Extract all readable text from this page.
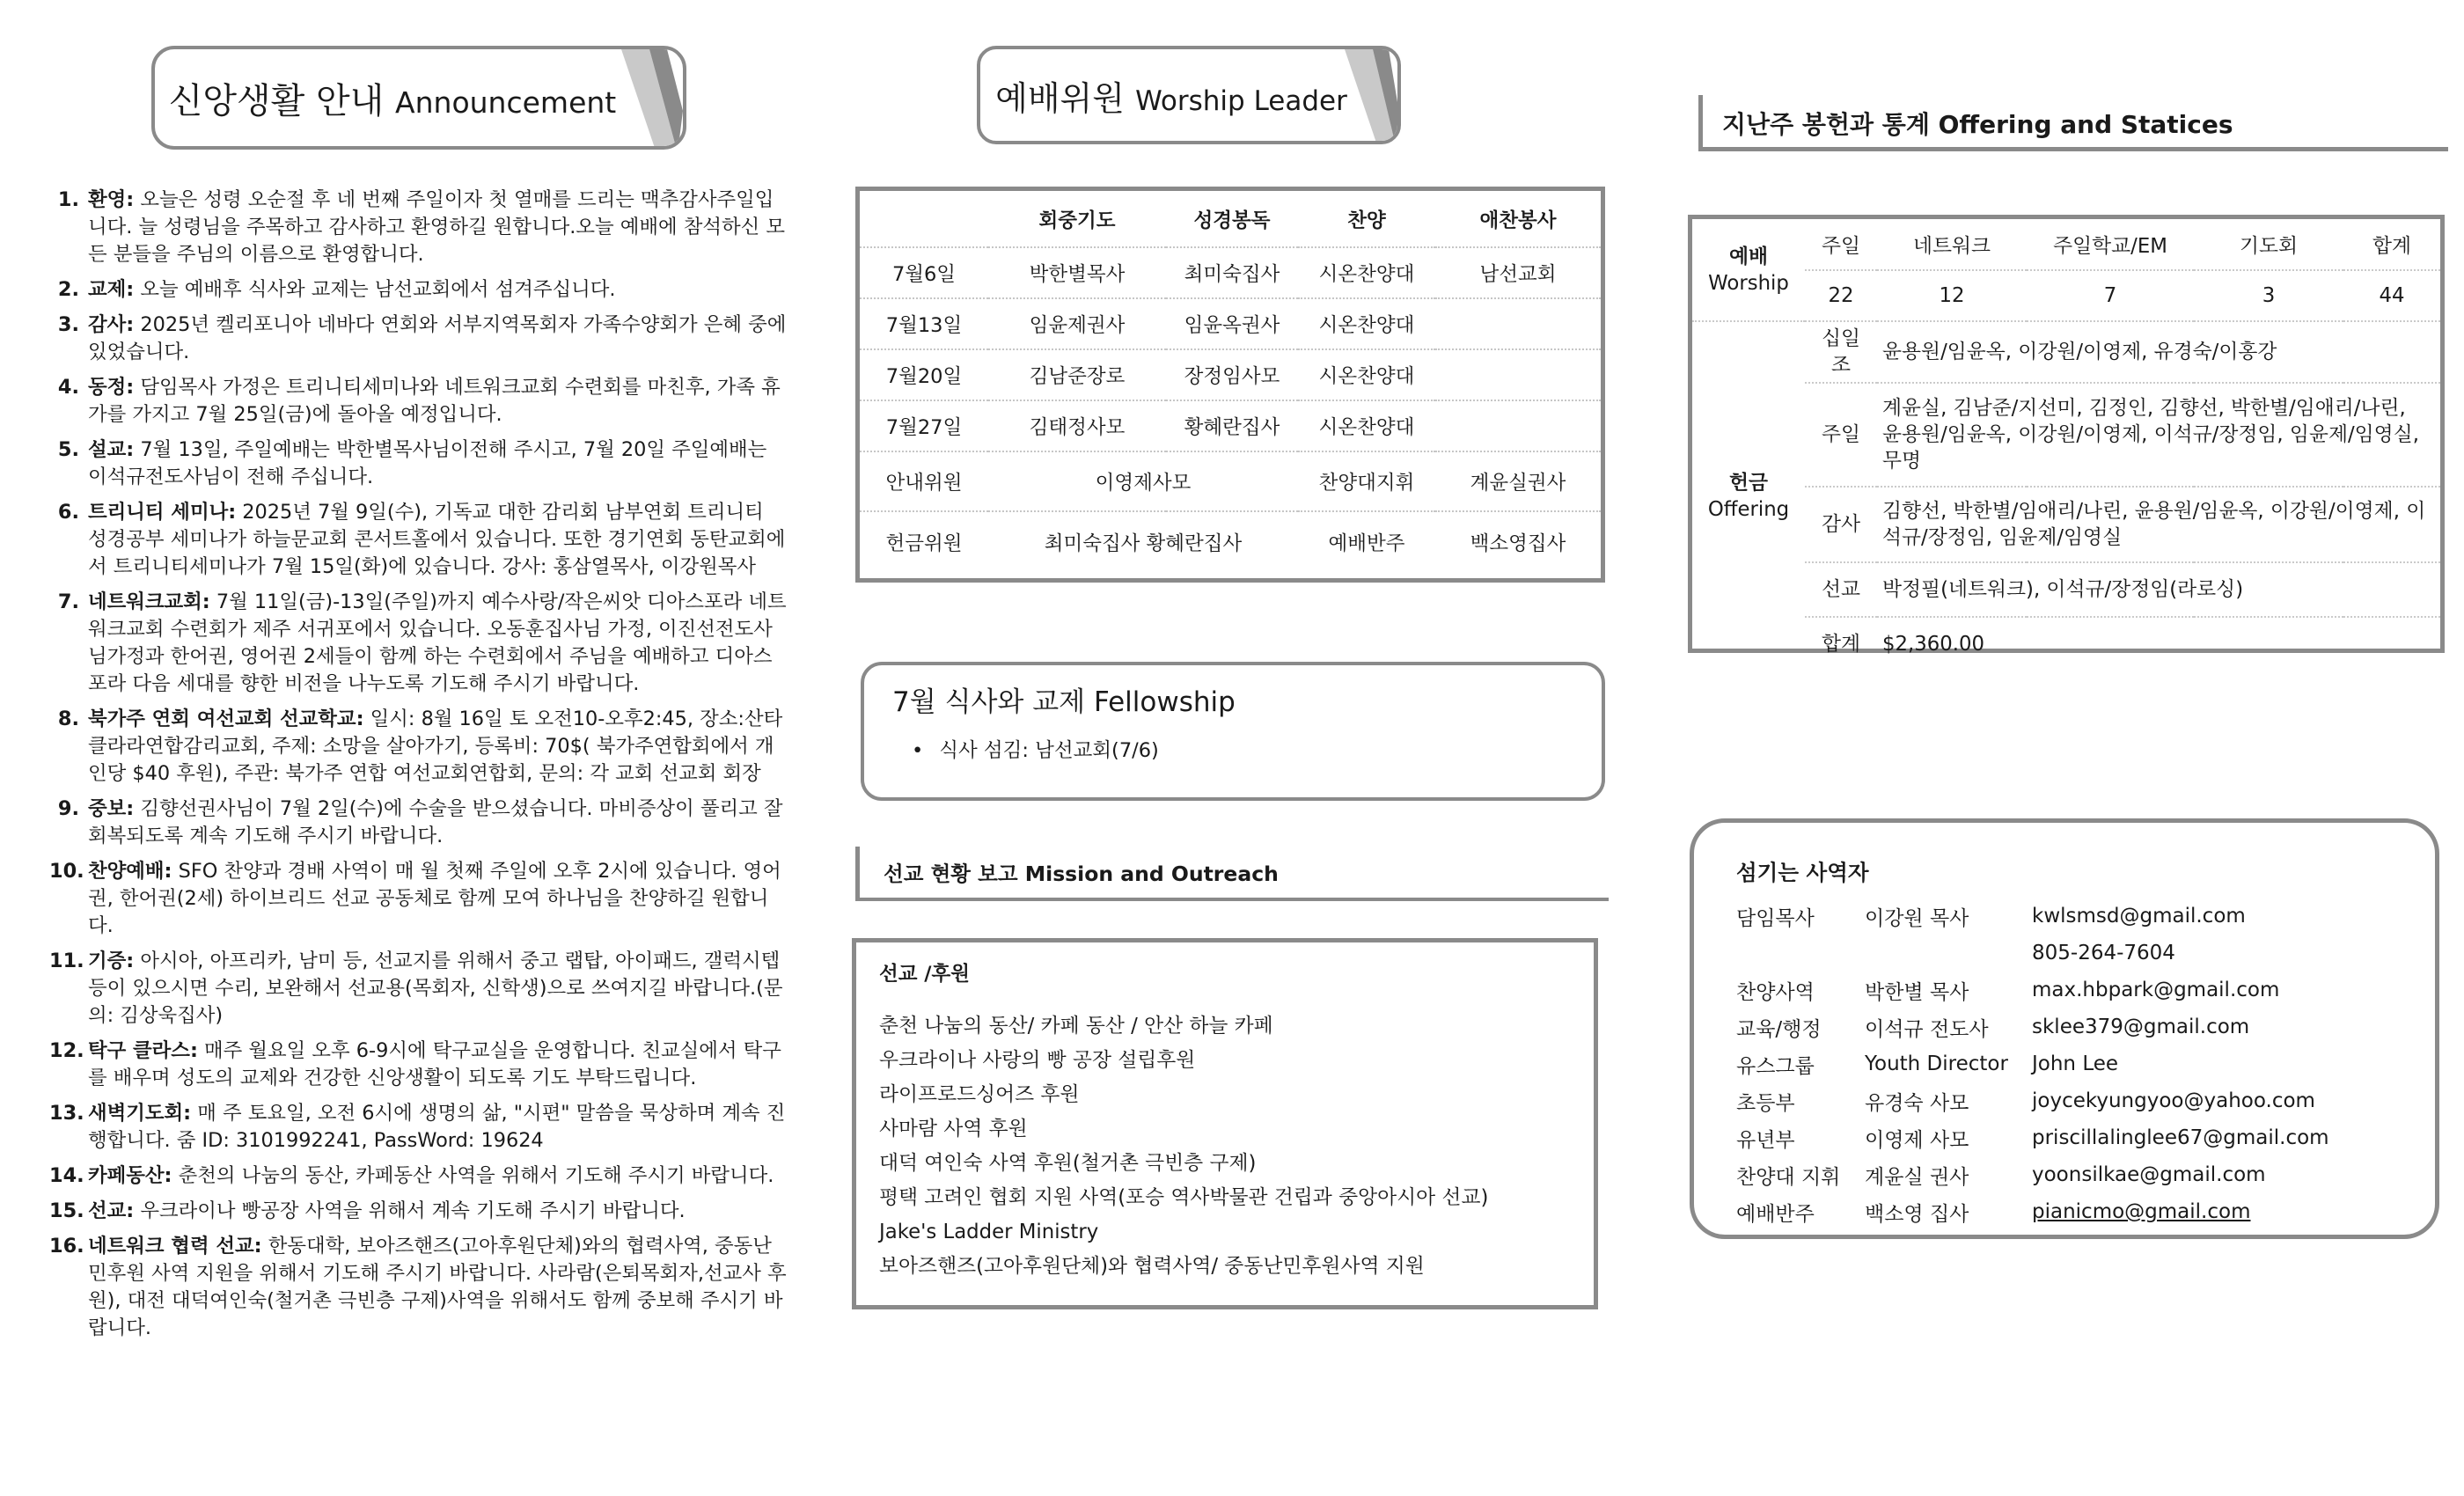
신앙생활 안내 Announcement
1. 환영: 오늘은 성령 오순절 후 네 번째 주일이자 첫 열매를 드리는 맥추감사주일입니다. 늘 성령님을 주목하고 감사하고 환영하길 원합니다.오늘 예배에 참석하신 모든 분들을 주님의 이름으로 환영합니다.
2. 교제: 오늘 예배후 식사와 교제는 남선교회에서 섬겨주십니다.
3. 감사: 2025년 켈리포니아 네바다 연회와 서부지역목회자 가족수양회가 은혜 중에 있었습니다.
4. 동정: 담임목사 가정은 트리니티세미나와 네트워크교회 수련회를 마친후, 가족 휴가를 가지고 7월 25일(금)에 돌아올 예정입니다.
5. 설교: 7월 13일, 주일예배는 박한별목사님이전해 주시고, 7월 20일 주일예배는 이석규전도사님이 전해 주십니다.
6. 트리니티 세미나: 2025년 7월 9일(수), 기독교 대한 감리회 남부연회 트리니티 성경공부 세미나가 하늘문교회 콘서트홀에서 있습니다. 또한 경기연회 동탄교회에서 트리니티세미나가 7월 15일(화)에 있습니다. 강사: 홍삼열목사, 이강원목사
7. 네트워크교회: 7월 11일(금)-13일(주일)까지 예수사랑/작은씨앗 디아스포라 네트워크교회 수련회가 제주 서귀포에서 있습니다. 오동훈집사님 가정, 이진선전도사님가정과 한어권, 영어권 2세들이 함께 하는 수련회에서 주님을 예배하고 디아스포라 다음 세대를 향한 비전을 나누도록 기도해 주시기 바랍니다.
8. 북가주 연회 여선교회 선교학교: 일시: 8월 16일 토 오전10-오후2:45, 장소:산타클라라연합감리교회, 주제: 소망을 살아가기, 등록비: 70$( 북가주연합회에서 개인당 $40 후원), 주관: 북가주 연합 여선교회연합회, 문의: 각 교회 선교회 회장
9. 중보: 김향선권사님이 7월 2일(수)에 수술을 받으셨습니다. 마비증상이 풀리고 잘 회복되도록 계속 기도해 주시기 바랍니다.
10. 찬양예배: SFO 찬양과 경배 사역이 매 월 첫째 주일에 오후 2시에 있습니다. 영어권, 한어권(2세) 하이브리드 선교 공동체로 함께 모여 하나님을 찬양하길 원합니다.
11. 기증: 아시아, 아프리카, 남미 등, 선교지를 위해서 중고 랩탑, 아이패드, 갤럭시텝 등이 있으시면 수리, 보완해서 선교용(목회자, 신학생)으로 쓰여지길 바랍니다.(문의: 김상욱집사)
12. 탁구 클라스: 매주 월요일 오후 6-9시에 탁구교실을 운영합니다. 친교실에서 탁구를 배우며 성도의 교제와 건강한 신앙생활이 되도록 기도 부탁드립니다.
13. 새벽기도회: 매 주 토요일, 오전 6시에 생명의 삶, "시편" 말씀을 묵상하며 계속 진행합니다. 줌 ID: 3101992241, PassWord: 19624
14. 카페동산: 춘천의 나눔의 동산, 카페동산 사역을 위해서 기도해 주시기 바랍니다.
15. 선교: 우크라이나 빵공장 사역을 위해서 계속 기도해 주시기 바랍니다.
16. 네트워크 협력 선교: 한동대학, 보아즈핸즈(고아후원단체)와의 협력사역, 중동난민후원 사역 지원을 위해서 기도해 주시기 바랍니다. 사라람(은퇴목회자,선교사 후원), 대전 대덕여인숙(철거촌 극빈층 구제)사역을 위해서도 함께 중보해 주시기 바랍니다.
예배위원 Worship Leader
	회중기도	성경봉독	찬양	애찬봉사
7월6일	박한별목사	최미숙집사	시온찬양대	남선교회
7월13일	임윤제권사	임윤옥권사	시온찬양대	
7월20일	김남준장로	장정임사모	시온찬양대	
7월27일	김태정사모	황혜란집사	시온찬양대	
안내위원	이영제사모		찬양대지휘	계윤실권사
헌금위원	최미숙집사 황혜란집사		예배반주	백소영집사
7월 식사와 교제 Fellowship
• 식사 섬김: 남선교회(7/6)
선교 현황 보고 Mission and Outreach
선교 /후원
춘천 나눔의 동산/ 카페 동산 / 안산 하늘 카페
우크라이나 사랑의 빵 공장 설립후원
라이프로드싱어즈 후원
사마람 사역 후원
대덕 여인숙 사역 후원(철거촌 극빈층 구제)
평택 고려인 협회 지원 사역(포승 역사박물관 건립과 중앙아시아 선교)
Jake's Ladder Ministry
보아즈핸즈(고아후원단체)와 협력사역/ 중동난민후원사역 지원
지난주 봉헌과 통계 Offering and Statices
예배
Worship	주일	네트워크	주일학교/EM	기도회	합계
	22	12	7	3	44
헌금
Offering	십일조	윤용원/임윤옥, 이강원/이영제, 유경숙/이홍강			
	주일	계윤실, 김남준/지선미, 김정인, 김향선, 박한별/임애리/나린, 윤용원/임윤옥, 이강원/이영제, 이석규/장정임, 임윤제/임영실, 무명			
	감사	김향선, 박한별/임애리/나린, 윤용원/임윤옥, 이강원/이영제, 이석규/장정임, 임윤제/임영실			
	선교	박정필(네트워크), 이석규/장정임(라로싱)			
	합계	$2,360.00			
섬기는 사역자
담임목사	이강원 목사	kwlsmsd@gmail.com
805-264-7604
찬양사역	박한별 목사	max.hbpark@gmail.com
교육/행정	이석규 전도사	sklee379@gmail.com
유스그룹	Youth Director	John Lee
초등부	유경숙 사모	joycekyungyoo@yahoo.com
유년부	이영제 사모	priscillalinglee67@gmail.com
찬양대 지휘	계윤실 권사	yoonsilkae@gmail.com
예배반주	백소영 집사	pianicmo@gmail.com
